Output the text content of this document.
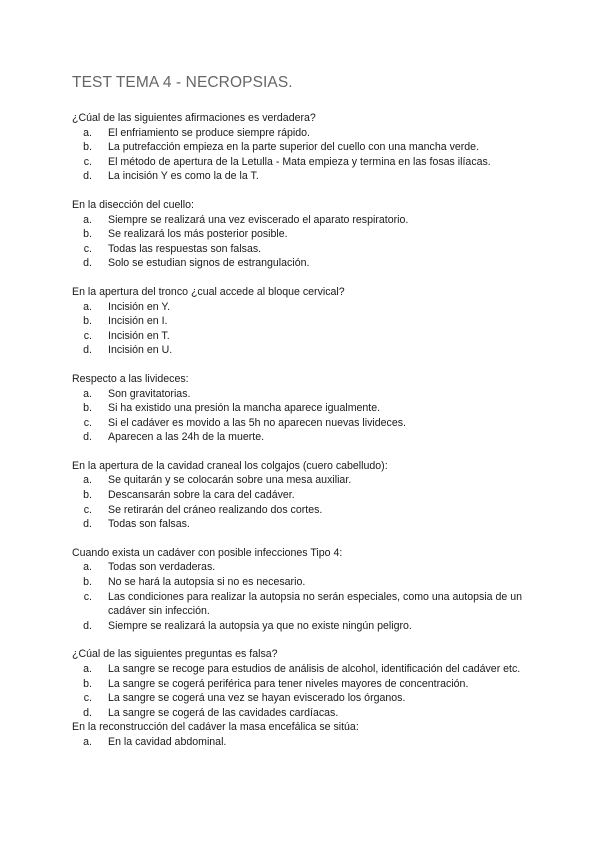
TEST TEMA 4 - NECROPSIAS.
¿Cúal de las siguientes afirmaciones es verdadera?
a. El enfriamiento se produce siempre rápido.
b. La putrefacción empieza en la parte superior del cuello con una mancha verde.
c. El método de apertura de la Letulla - Mata empieza y termina en las fosas ilíacas.
d. La incisión Y es como la de la T.
En la disección del cuello:
a. Siempre se realizará una vez eviscerado el aparato respiratorio.
b. Se realizará los más posterior posible.
c. Todas las respuestas son falsas.
d. Solo se estudian signos de estrangulación.
En la apertura del tronco ¿cual accede al bloque cervical?
a. Incisión en Y.
b. Incisión en I.
c. Incisión en T.
d. Incisión en U.
Respecto a las livideces:
a. Son gravitatorias.
b. Si ha existido una presión la mancha aparece igualmente.
c. Si el cadáver es movido a las 5h no aparecen nuevas livideces.
d. Aparecen a las 24h de la muerte.
En la apertura de la cavidad craneal los colgajos (cuero cabelludo):
a. Se quitarán y se colocarán sobre una mesa auxiliar.
b. Descansarán sobre la cara del cadáver.
c. Se retirarán del cráneo realizando dos cortes.
d. Todas son falsas.
Cuando exista un cadáver con posible infecciones Tipo 4:
a. Todas son verdaderas.
b. No se hará la autopsia si no es necesario.
c. Las condiciones para realizar la autopsia no serán especiales, como una autopsia de un cadáver sin infección.
d. Siempre se realizará la autopsia ya que no existe ningún peligro.
¿Cúal de las siguientes preguntas es falsa?
a. La sangre se recoge para estudios de análisis de alcohol, identificación del cadáver etc.
b. La sangre se cogerá periférica para tener niveles mayores de concentración.
c. La sangre se cogerá una vez se hayan eviscerado los órganos.
d. La sangre se cogerá de las cavidades cardíacas.
En la reconstrucción del cadáver la masa encefálica se sitúa:
a. En la cavidad abdominal.
